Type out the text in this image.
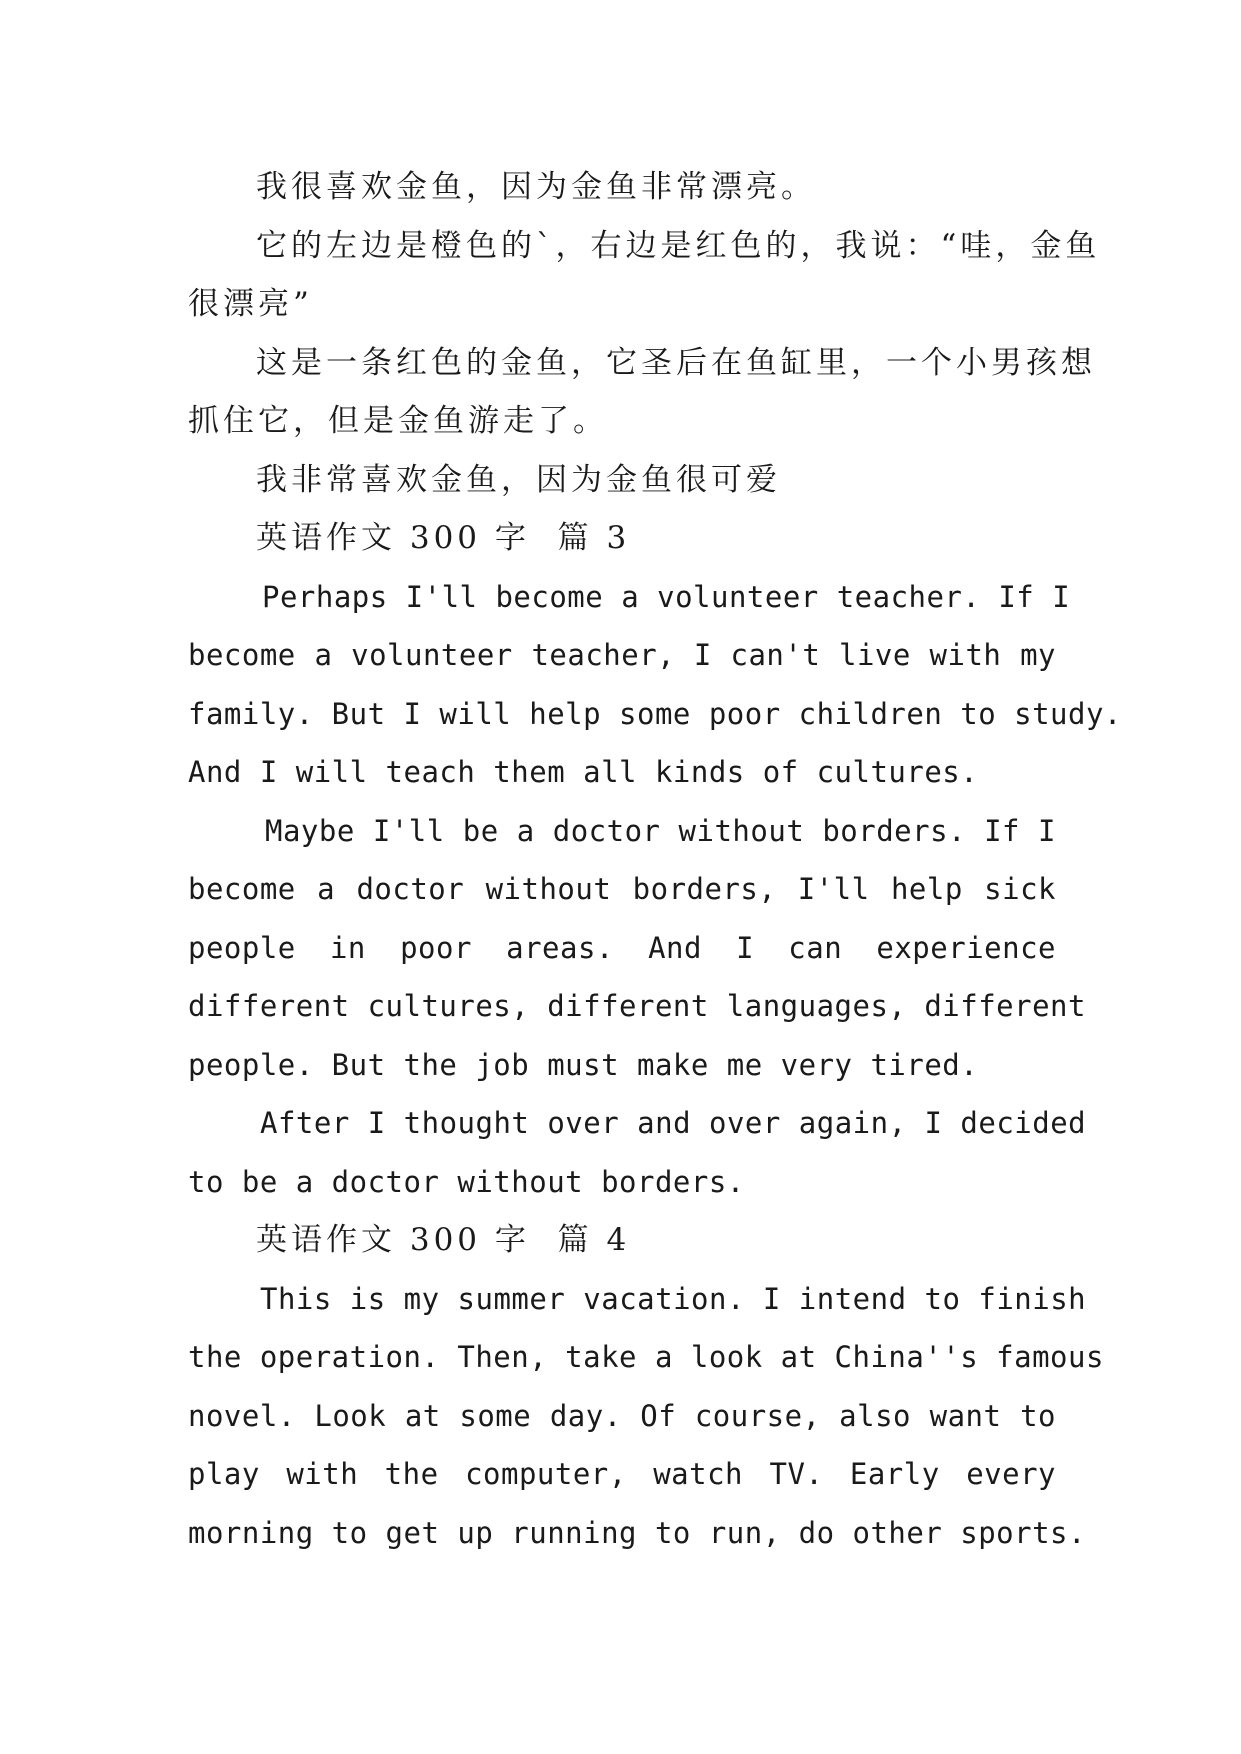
我很喜欢金鱼，因为金鱼非常漂亮。
它的左边是橙色的`，右边是红色的，我说：“哇，金鱼
很漂亮”
这是一条红色的金鱼，它圣后在鱼缸里，一个小男孩想
抓住它，但是金鱼游走了。
我非常喜欢金鱼，因为金鱼很可爱
英语作文 300 字  篇 3
Perhaps I'll become a volunteer teacher. If I
become a volunteer teacher, I can't live with my
family. But I will help some poor children to study.
And I will teach them all kinds of cultures.
Maybe I'll be a doctor without borders. If I
become a doctor without borders, I'll help sick
people in poor areas. And I can experience
different cultures, different languages, different
people. But the job must make me very tired.
After I thought over and over again, I decided
to be a doctor without borders.
英语作文 300 字  篇 4
This is my summer vacation. I intend to finish
the operation. Then, take a look at China''s famous
novel. Look at some day. Of course, also want to
play with the computer, watch TV. Early every
morning to get up running to run, do other sports.
